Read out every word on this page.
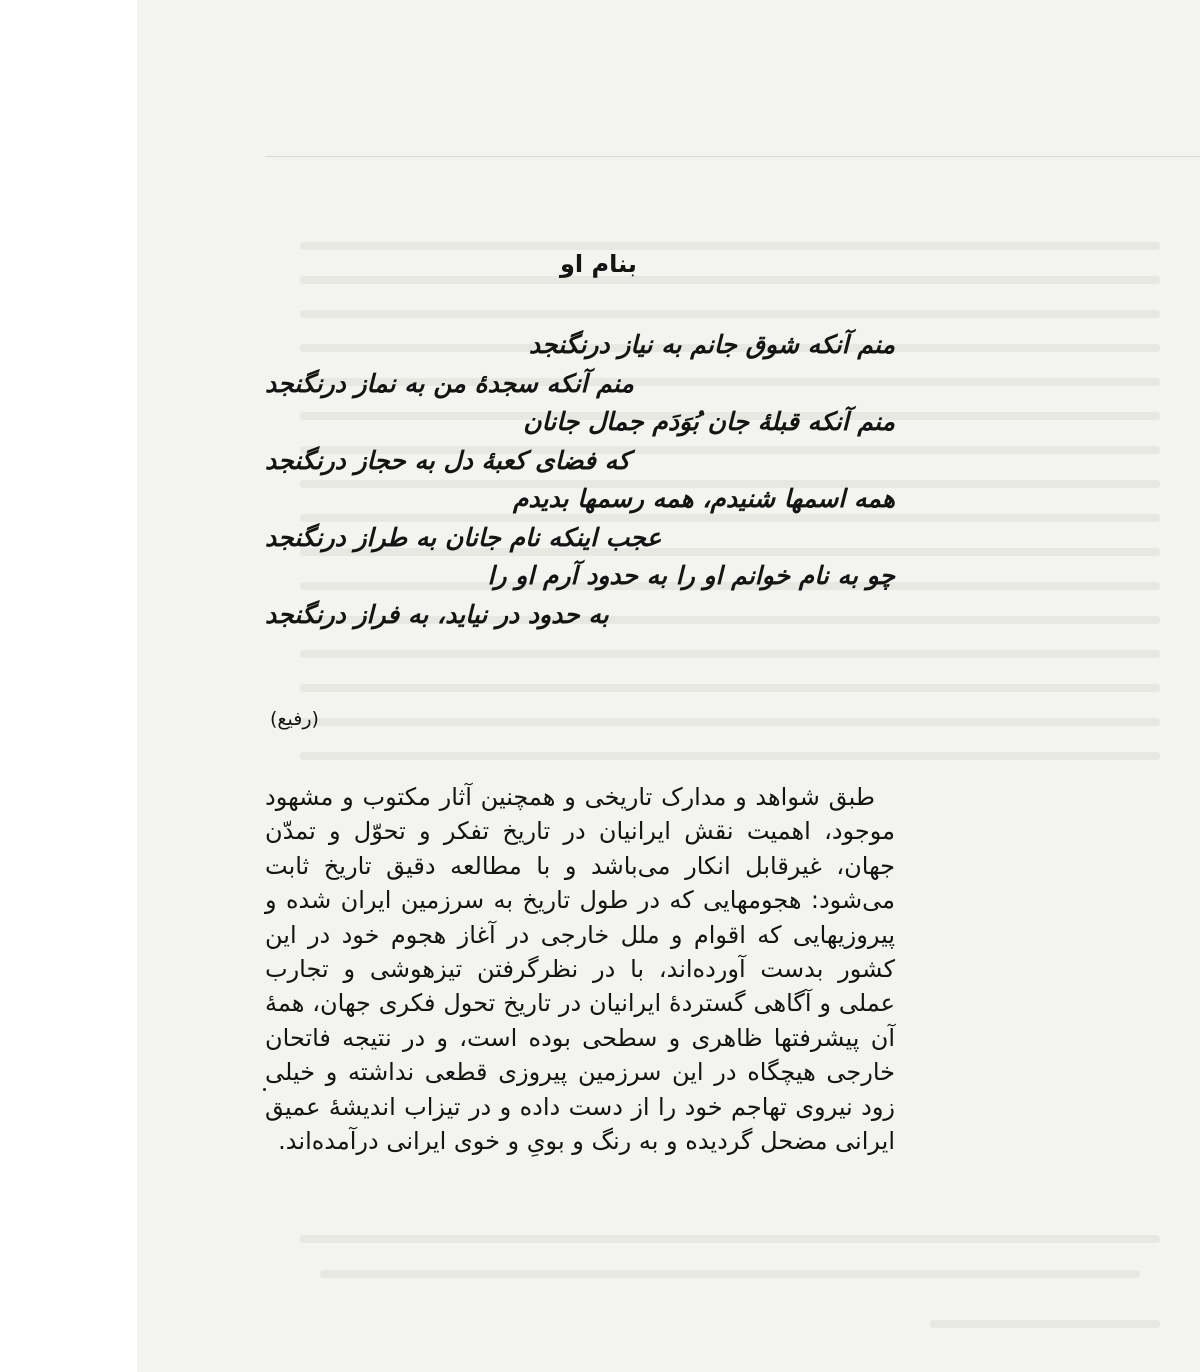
بنام او
منم آنکه شوق جانم به نیاز درنگنجد
منم آنکه سجدهٔ من به نماز درنگنجد
منم آنکه قبلهٔ جان بُوَدَم جمال جانان
که فضای کعبهٔ دل به حجاز درنگنجد
همه اسمها شنیدم، همه رسمها بدیدم
عجب اینکه نام جانان به طراز درنگنجد
چو به نام خوانم او را به حدود آرم او را
به حدود در نیاید، به فراز درنگنجد
(رفیع)

طبق شواهد و مدارک تاریخی و همچنین آثار مکتوب و مشهود موجود، اهمیت نقش ایرانیان در تاریخ تفکر و تحوّل و تمدّن جهان، غیرقابل انکار می‌باشد و با مطالعه دقیق تاریخ ثابت می‌شود: هجومهایی که در طول تاریخ به سرزمین ایران شده و پیروزیهایی که اقوام و ملل خارجی در آغاز هجوم خود در این کشور بدست آورده‌اند، با در نظرگرفتن تیزهوشی و تجارب عملی و آگاهی گستردهٔ ایرانیان در تاریخ تحول فکری جهان، همهٔ آن پیشرفتها ظاهری و سطحی بوده است، و در نتیجه فاتحان خارجی هیچگاه در این سرزمین پیروزی قطعی نداشته و خیلی زود نیروی تهاجم خود را از دست داده و در تیزاب اندیشهٔ عمیق ایرانی مضحل گردیده و به رنگ و بویِ و خوی ایرانی درآمده‌اند.
